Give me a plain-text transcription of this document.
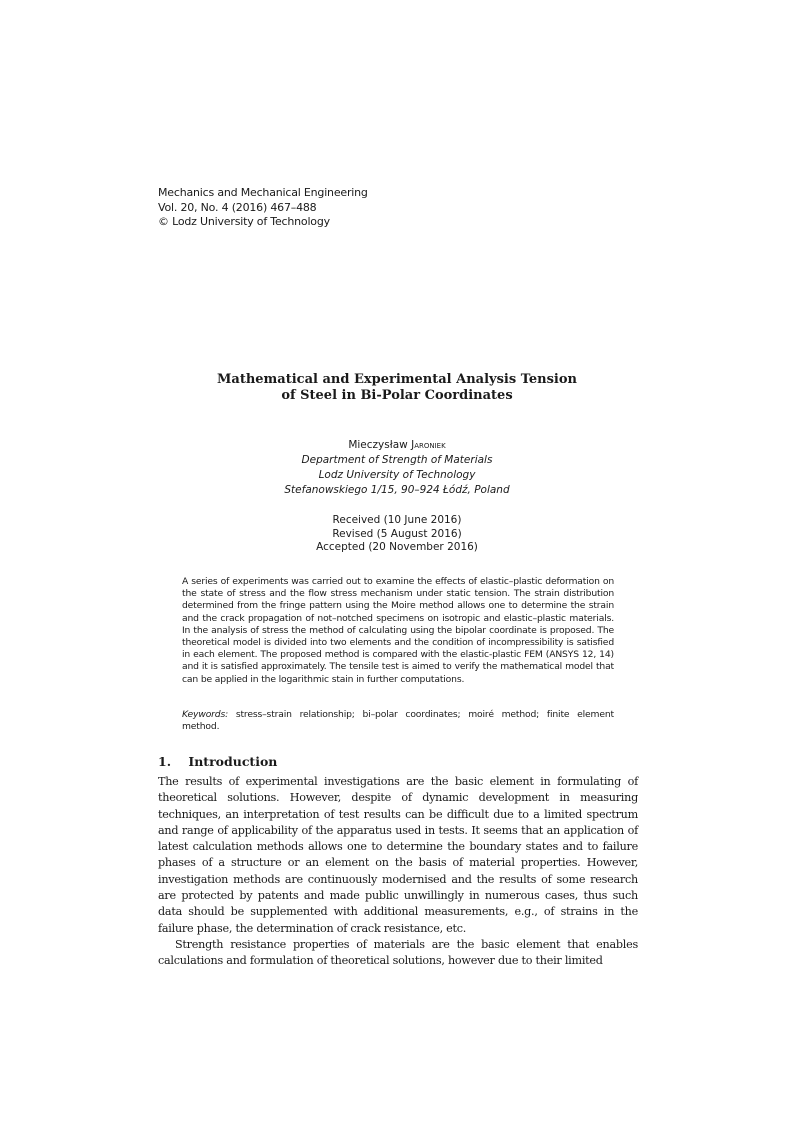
Mechanics and Mechanical Engineering
Vol. 20, No. 4 (2016) 467–488
© Lodz University of Technology
Mathematical and Experimental Analysis Tension
of Steel in Bi-Polar Coordinates
Mieczysław Jaroniek
Department of Strength of Materials
Lodz University of Technology
Stefanowskiego 1/15, 90–924 Łódź, Poland
Received (10 June 2016)
Revised (5 August 2016)
Accepted (20 November 2016)
A series of experiments was carried out to examine the effects of elastic–plastic deformation on the state of stress and the flow stress mechanism under static tension. The strain distribution determined from the fringe pattern using the Moire method allows one to determine the strain and the crack propagation of not–notched specimens on isotropic and elastic–plastic materials. In the analysis of stress the method of calculating using the bipolar coordinate is proposed. The theoretical model is divided into two elements and the condition of incompressibility is satisfied in each element. The proposed method is compared with the elastic-plastic FEM (ANSYS 12, 14) and it is satisfied approximately. The tensile test is aimed to verify the mathematical model that can be applied in the logarithmic stain in further computations.
Keywords: stress–strain relationship; bi–polar coordinates; moiré method; finite element method.
1. Introduction

The results of experimental investigations are the basic element in formulating of theoretical solutions. However, despite of dynamic development in measuring techniques, an interpretation of test results can be difficult due to a limited spectrum and range of applicability of the apparatus used in tests. It seems that an application of latest calculation methods allows one to determine the boundary states and to failure phases of a structure or an element on the basis of material properties. However, investigation methods are continuously modernised and the results of some research are protected by patents and made public unwillingly in numerous cases, thus such data should be supplemented with additional measurements, e.g., of strains in the failure phase, the determination of crack resistance, etc.

Strength resistance properties of materials are the basic element that enables calculations and formulation of theoretical solutions, however due to their limited
